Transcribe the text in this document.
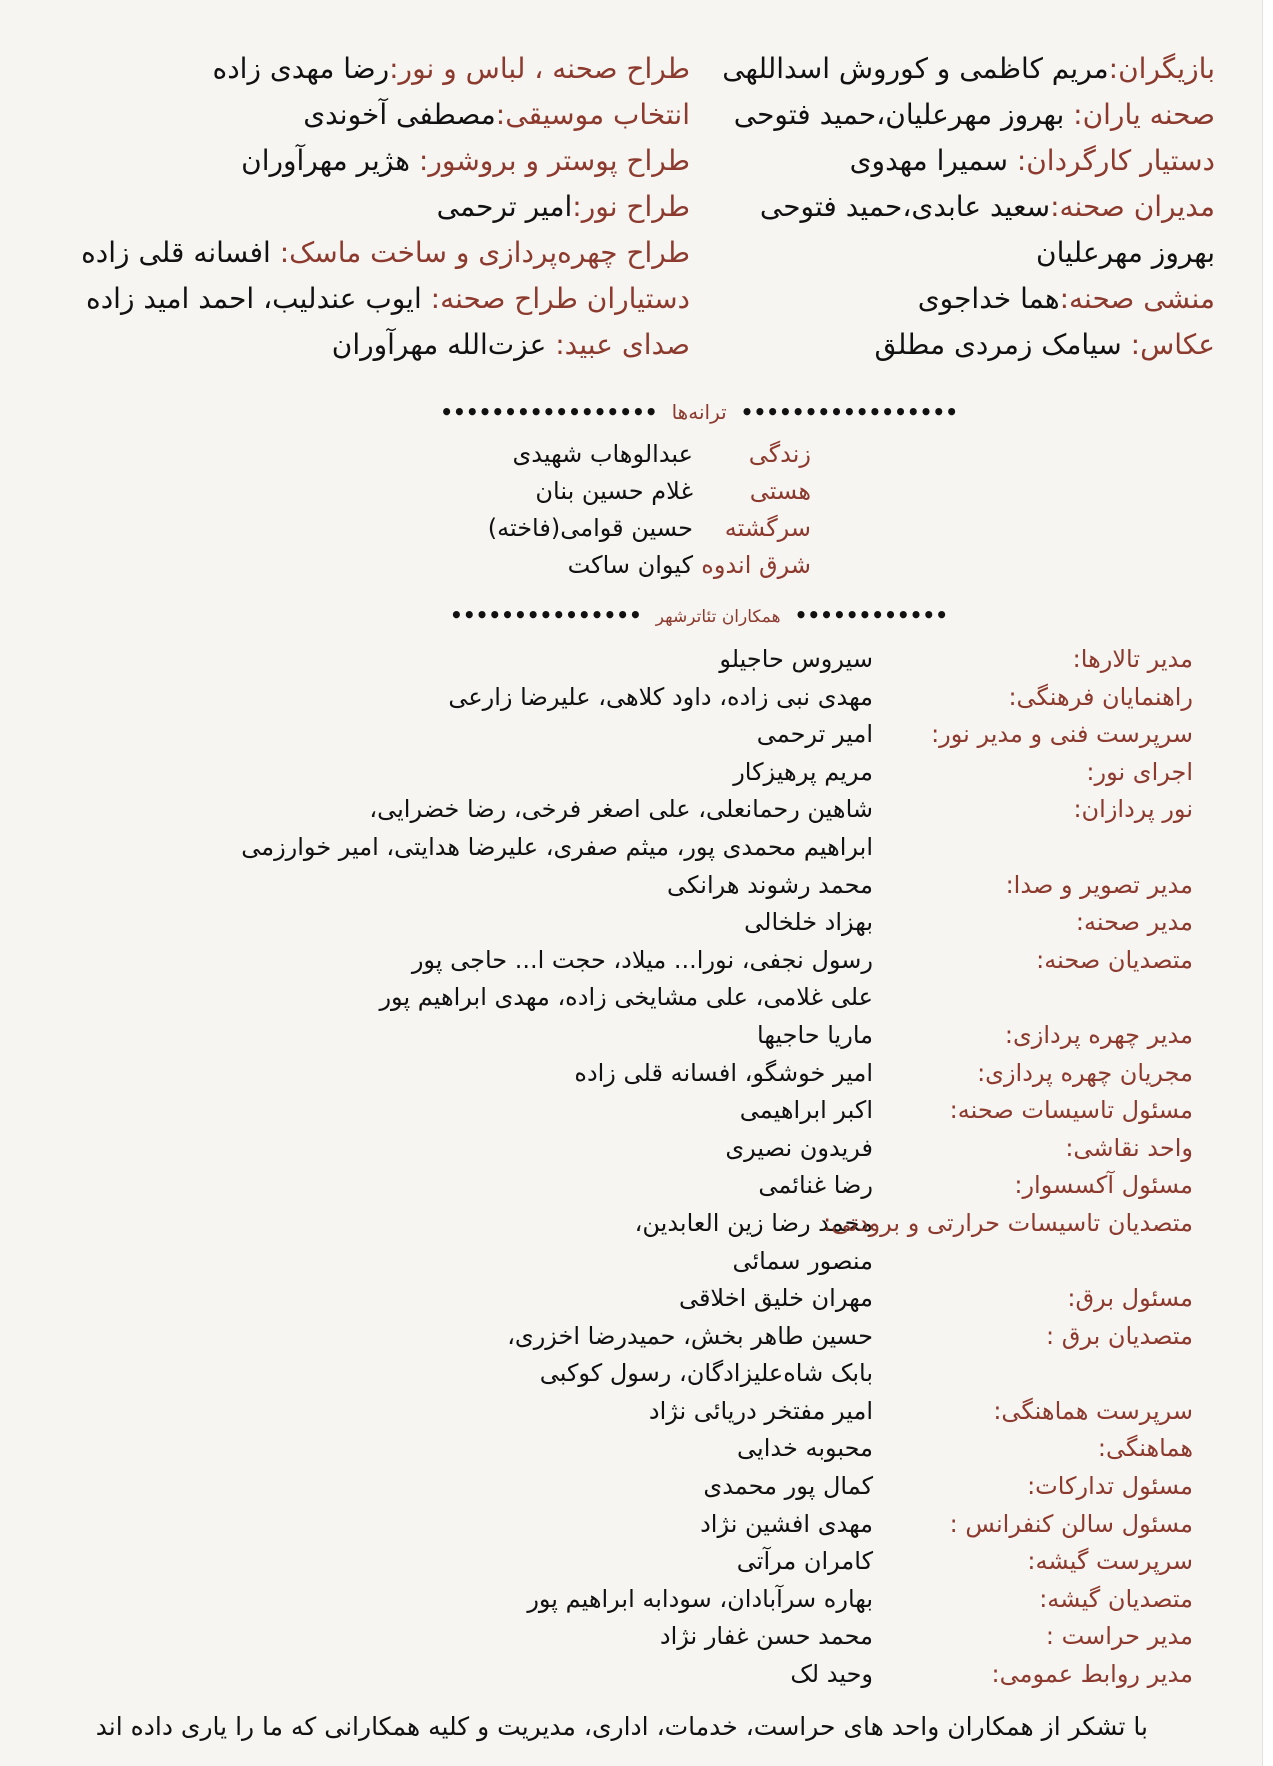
بازیگران:مریم کاظمی و کوروش اسداللهی
طراح صحنه ، لباس و نور:رضا مهدی زاده
صحنه یاران: بهروز مهرعلیان،حمید فتوحی
انتخاب موسیقی:مصطفی آخوندی
دستیار کارگردان: سمیرا مهدوی
طراح پوستر و بروشور: هژیر مهرآوران
مدیران صحنه:سعید عابدی،حمید فتوحی
طراح نور:امیر ترحمی
بهروز مهرعلیان
طراح چهره‌پردازی و ساخت ماسک: افسانه قلی زاده
منشی صحنه:هما خداجوی
دستیاران طراح صحنه: ایوب عندلیب، احمد امید زاده
عکاس: سیامک زمردی مطلق
صدای عبید: عزت‌الله مهرآوران
•••••••••••••••••ترانه‌ها•••••••••••••••••
زندگیعبدالوهاب شهیدی
هستیغلام حسین بنان
سرگشتهحسین قوامی(فاخته)
شرق اندوهکیوان ساکت
••••••••••••همکاران تئاترشهر•••••••••••••••
مدیر تالارها:
سیروس حاجیلو
راهنمایان فرهنگی:
مهدی نبی زاده، داود کلاهی، علیرضا زارعی
سرپرست فنی و مدیر نور:
امیر ترحمی
اجرای نور:
مریم پرهیزکار
نور پردازان:
شاهین رحمانعلی، علی اصغر فرخی، رضا خضرایی،
ابراهیم محمدی پور، میثم صفری، علیرضا هدایتی، امیر خوارزمی
مدیر تصویر و صدا:
محمد رشوند هرانکی
مدیر صحنه:
بهزاد خلخالی
متصدیان صحنه:
رسول نجفی، نورا... میلاد، حجت ا... حاجی پور
علی غلامی، علی مشایخی زاده، مهدی ابراهیم پور
مدیر چهره پردازی:
ماریا حاجیها
مجریان چهره پردازی:
امیر خوشگو، افسانه قلی زاده
مسئول تاسیسات صحنه:
اکبر ابراهیمی
واحد نقاشی:
فریدون نصیری
مسئول آکسسوار:
رضا غنائمی
متصدیان تاسیسات حرارتی و برودتی:
محمد رضا زین العابدین،
منصور سمائی
مسئول برق:
مهران خلیق اخلاقی
متصدیان برق :
حسین طاهر بخش، حمیدرضا اخزری،
بابک شاه‌علیزادگان، رسول کوکبی
سرپرست هماهنگی:
امیر مفتخر دریائی نژاد
هماهنگی:
محبوبه خدایی
مسئول تدارکات:
کمال پور محمدی
مسئول سالن کنفرانس :
مهدی افشین نژاد
سرپرست گیشه:
کامران مرآتی
متصدیان گیشه:
بهاره سرآبادان، سودابه ابراهیم پور
مدیر حراست :
محمد حسن غفار نژاد
مدیر روابط عمومی:
وحید لک
با تشکر از همکاران واحد های حراست، خدمات، اداری، مدیریت و کلیه همکارانی که ما را یاری داده اند
